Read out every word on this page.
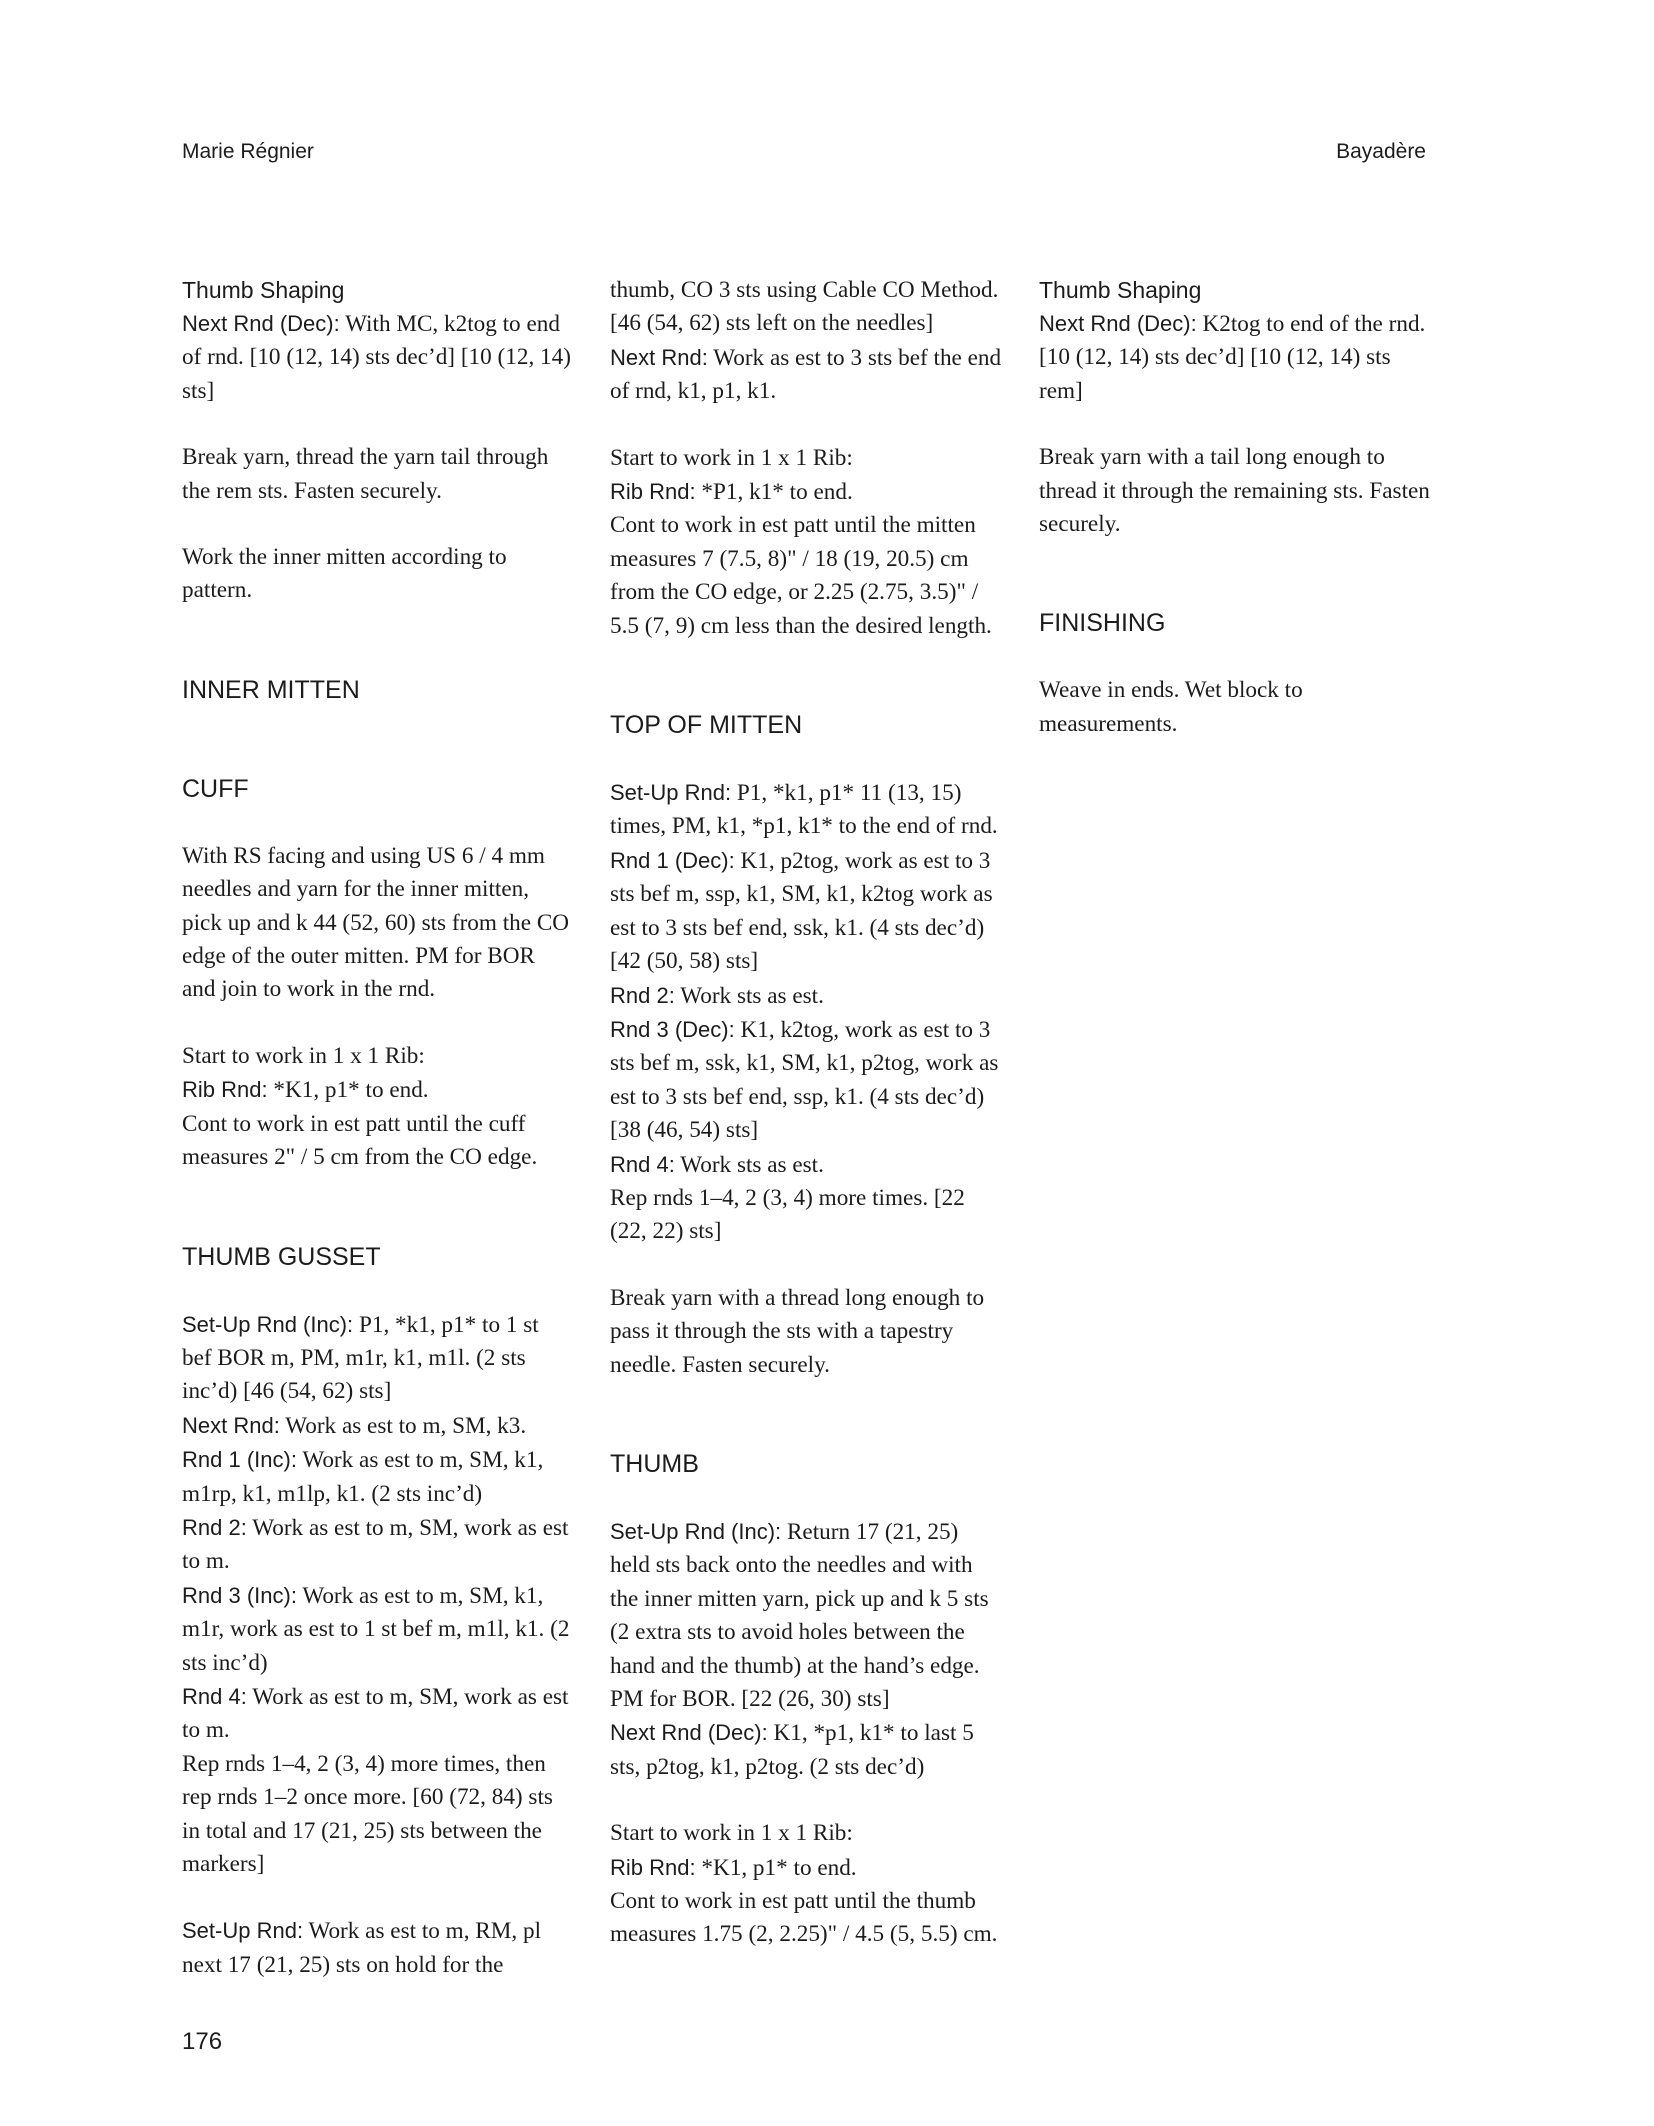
Marie Régnier	Bayadère
Thumb Shaping

Next Rnd (Dec): With MC, k2tog to end of rnd. [10 (12, 14) sts dec’d] [10 (12, 14) sts]

Break yarn, thread the yarn tail through the rem sts. Fasten securely.

Work the inner mitten according to pattern.

INNER MITTEN
CUFF

With RS facing and using US 6 / 4 mm needles and yarn for the inner mitten, pick up and k 44 (52, 60) sts from the CO edge of the outer mitten. PM for BOR and join to work in the rnd.

Start to work in 1 x 1 Rib:

Rib Rnd: *K1, p1* to end.

Cont to work in est patt until the cuff measures 2" / 5 cm from the CO edge.

THUMB GUSSET

Set-Up Rnd (Inc): P1, *k1, p1* to 1 st bef BOR m, PM, m1r, k1, m1l. (2 sts inc’d) [46 (54, 62) sts]

Next Rnd: Work as est to m, SM, k3.

Rnd 1 (Inc): Work as est to m, SM, k1, m1rp, k1, m1lp, k1. (2 sts inc’d)

Rnd 2: Work as est to m, SM, work as est to m.

Rnd 3 (Inc): Work as est to m, SM, k1, m1r, work as est to 1 st bef m, m1l, k1. (2 sts inc’d)

Rnd 4: Work as est to m, SM, work as est to m.

Rep rnds 1–4, 2 (3, 4) more times, then rep rnds 1–2 once more. [60 (72, 84) sts in total and 17 (21, 25) sts between the markers]

Set-Up Rnd: Work as est to m, RM, pl next 17 (21, 25) sts on hold for the

thumb, CO 3 sts using Cable CO Method. [46 (54, 62) sts left on the needles]

Next Rnd: Work as est to 3 sts bef the end of rnd, k1, p1, k1.

Start to work in 1 x 1 Rib:

Rib Rnd: *P1, k1* to end.

Cont to work in est patt until the mitten measures 7 (7.5, 8)" / 18 (19, 20.5) cm from the CO edge, or 2.25 (2.75, 3.5)" / 5.5 (7, 9) cm less than the desired length.

TOP OF MITTEN

Set-Up Rnd: P1, *k1, p1* 11 (13, 15) times, PM, k1, *p1, k1* to the end of rnd.

Rnd 1 (Dec): K1, p2tog, work as est to 3 sts bef m, ssp, k1, SM, k1, k2tog work as est to 3 sts bef end, ssk, k1. (4 sts dec’d) [42 (50, 58) sts]

Rnd 2: Work sts as est.

Rnd 3 (Dec): K1, k2tog, work as est to 3 sts bef m, ssk, k1, SM, k1, p2tog, work as est to 3 sts bef end, ssp, k1. (4 sts dec’d) [38 (46, 54) sts]

Rnd 4: Work sts as est.

Rep rnds 1–4, 2 (3, 4) more times. [22 (22, 22) sts]

Break yarn with a thread long enough to pass it through the sts with a tapestry needle. Fasten securely.

THUMB

Set-Up Rnd (Inc): Return 17 (21, 25) held sts back onto the needles and with the inner mitten yarn, pick up and k 5 sts (2 extra sts to avoid holes between the hand and the thumb) at the hand’s edge. PM for BOR. [22 (26, 30) sts]

Next Rnd (Dec): K1, *p1, k1* to last 5 sts, p2tog, k1, p2tog. (2 sts dec’d)

Start to work in 1 x 1 Rib:

Rib Rnd: *K1, p1* to end.

Cont to work in est patt until the thumb measures 1.75 (2, 2.25)" / 4.5 (5, 5.5) cm.

Thumb Shaping

Next Rnd (Dec): K2tog to end of the rnd. [10 (12, 14) sts dec’d] [10 (12, 14) sts rem]

Break yarn with a tail long enough to thread it through the remaining sts. Fasten securely.

FINISHING

Weave in ends. Wet block to measurements.

176
